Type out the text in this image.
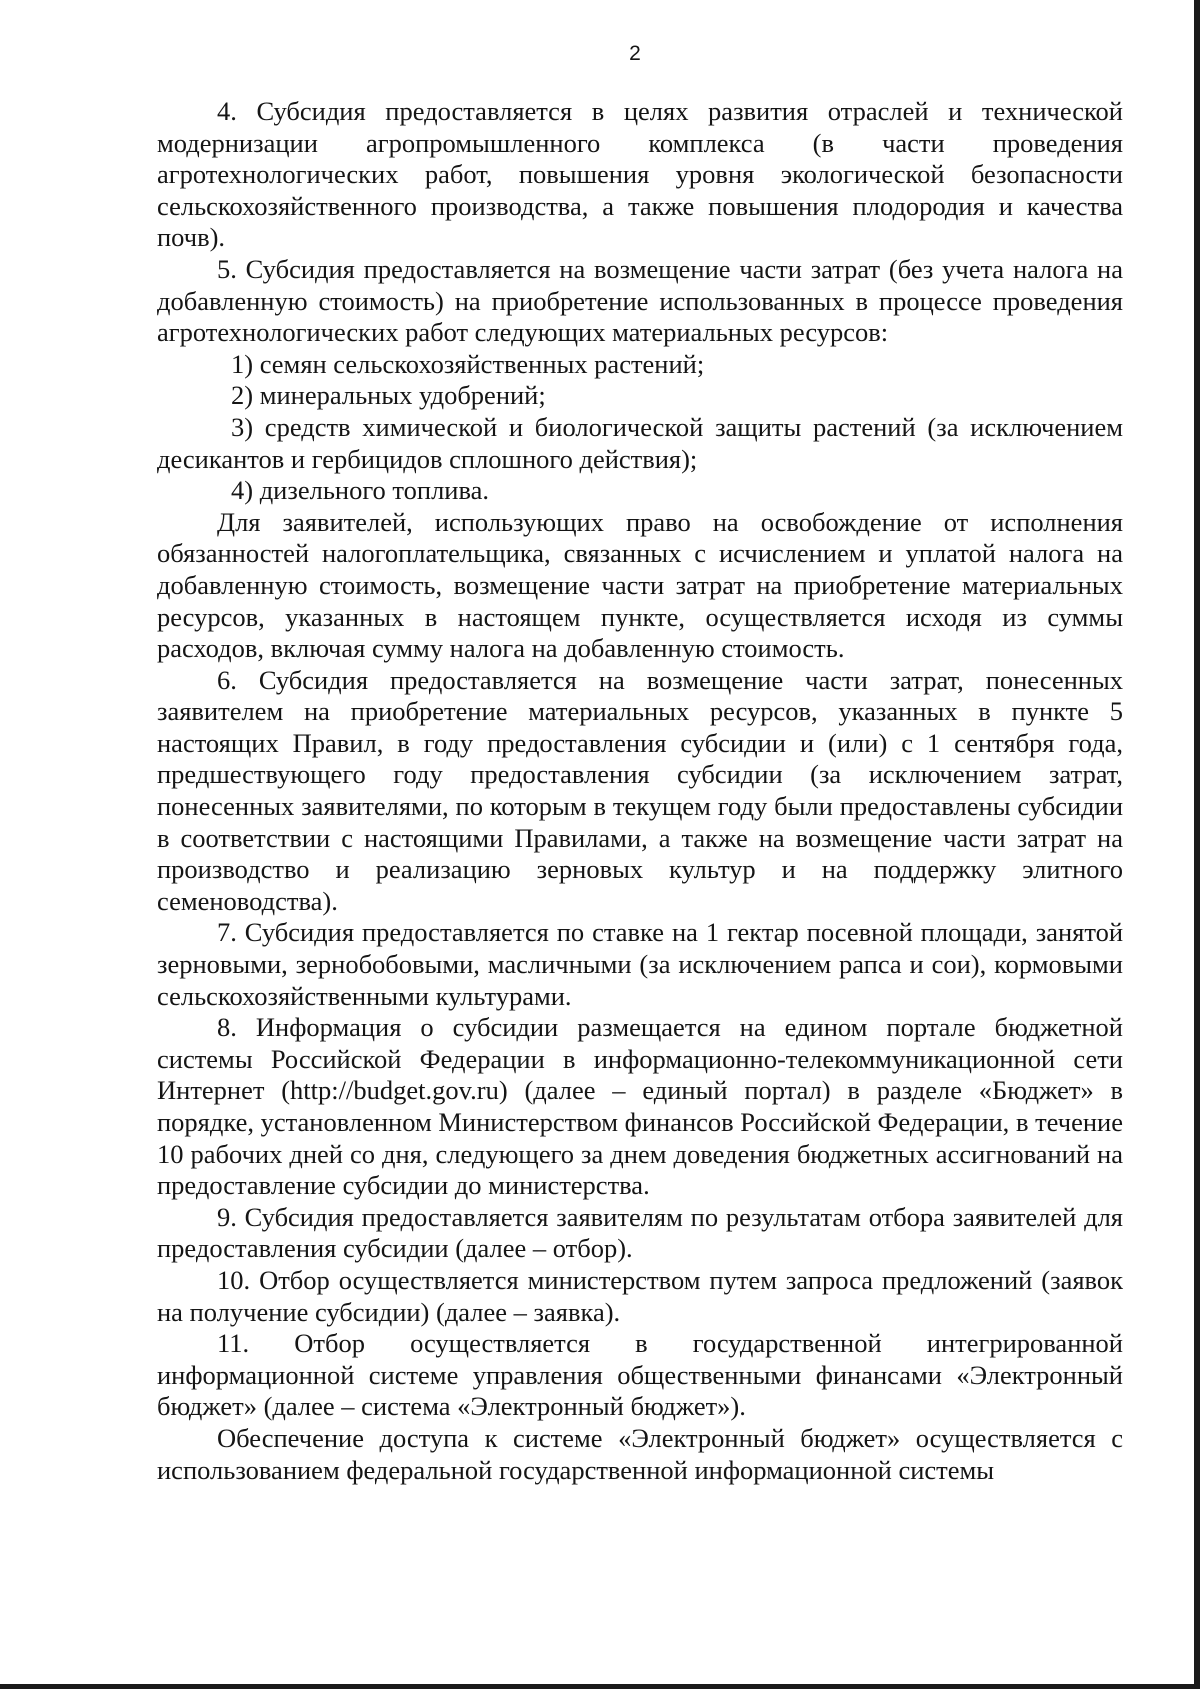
2

4. Субсидия предоставляется в целях развития отраслей и технической модернизации агропромышленного комплекса (в части проведения агротехнологических работ, повышения уровня экологической безопасности сельскохозяйственного производства, а также повышения плодородия и качества почв).

5. Субсидия предоставляется на возмещение части затрат (без учета налога на добавленную стоимость) на приобретение использованных в процессе проведения агротехнологических работ следующих материальных ресурсов:

1) семян сельскохозяйственных растений;

2) минеральных удобрений;

3) средств химической и биологической защиты растений (за исключением десикантов и гербицидов сплошного действия);

4) дизельного топлива.

Для заявителей, использующих право на освобождение от исполнения обязанностей налогоплательщика, связанных с исчислением и уплатой налога на добавленную стоимость, возмещение части затрат на приобретение материальных ресурсов, указанных в настоящем пункте, осуществляется исходя из суммы расходов, включая сумму налога на добавленную стоимость.

6. Субсидия предоставляется на возмещение части затрат, понесенных заявителем на приобретение материальных ресурсов, указанных в пункте 5 настоящих Правил, в году предоставления субсидии и (или) с 1 сентября года, предшествующего году предоставления субсидии (за исключением затрат, понесенных заявителями, по которым в текущем году были предоставлены субсидии в соответствии с настоящими Правилами, а также на возмещение части затрат на производство и реализацию зерновых культур и на поддержку элитного семеноводства).

7. Субсидия предоставляется по ставке на 1 гектар посевной площади, занятой зерновыми, зернобобовыми, масличными (за исключением рапса и сои), кормовыми сельскохозяйственными культурами.

8. Информация о субсидии размещается на едином портале бюджетной системы Российской Федерации в информационно-телекоммуникационной сети Интернет (http://budget.gov.ru) (далее – единый портал) в разделе «Бюджет» в порядке, установленном Министерством финансов Российской Федерации, в течение 10 рабочих дней со дня, следующего за днем доведения бюджетных ассигнований на предоставление субсидии до министерства.

9. Субсидия предоставляется заявителям по результатам отбора заявителей для предоставления субсидии (далее – отбор).

10. Отбор осуществляется министерством путем запроса предложений (заявок на получение субсидии) (далее – заявка).

11. Отбор осуществляется в государственной интегрированной информационной системе управления общественными финансами «Электронный бюджет» (далее – система «Электронный бюджет»).

Обеспечение доступа к системе «Электронный бюджет» осуществляется с использованием федеральной государственной информационной системы
